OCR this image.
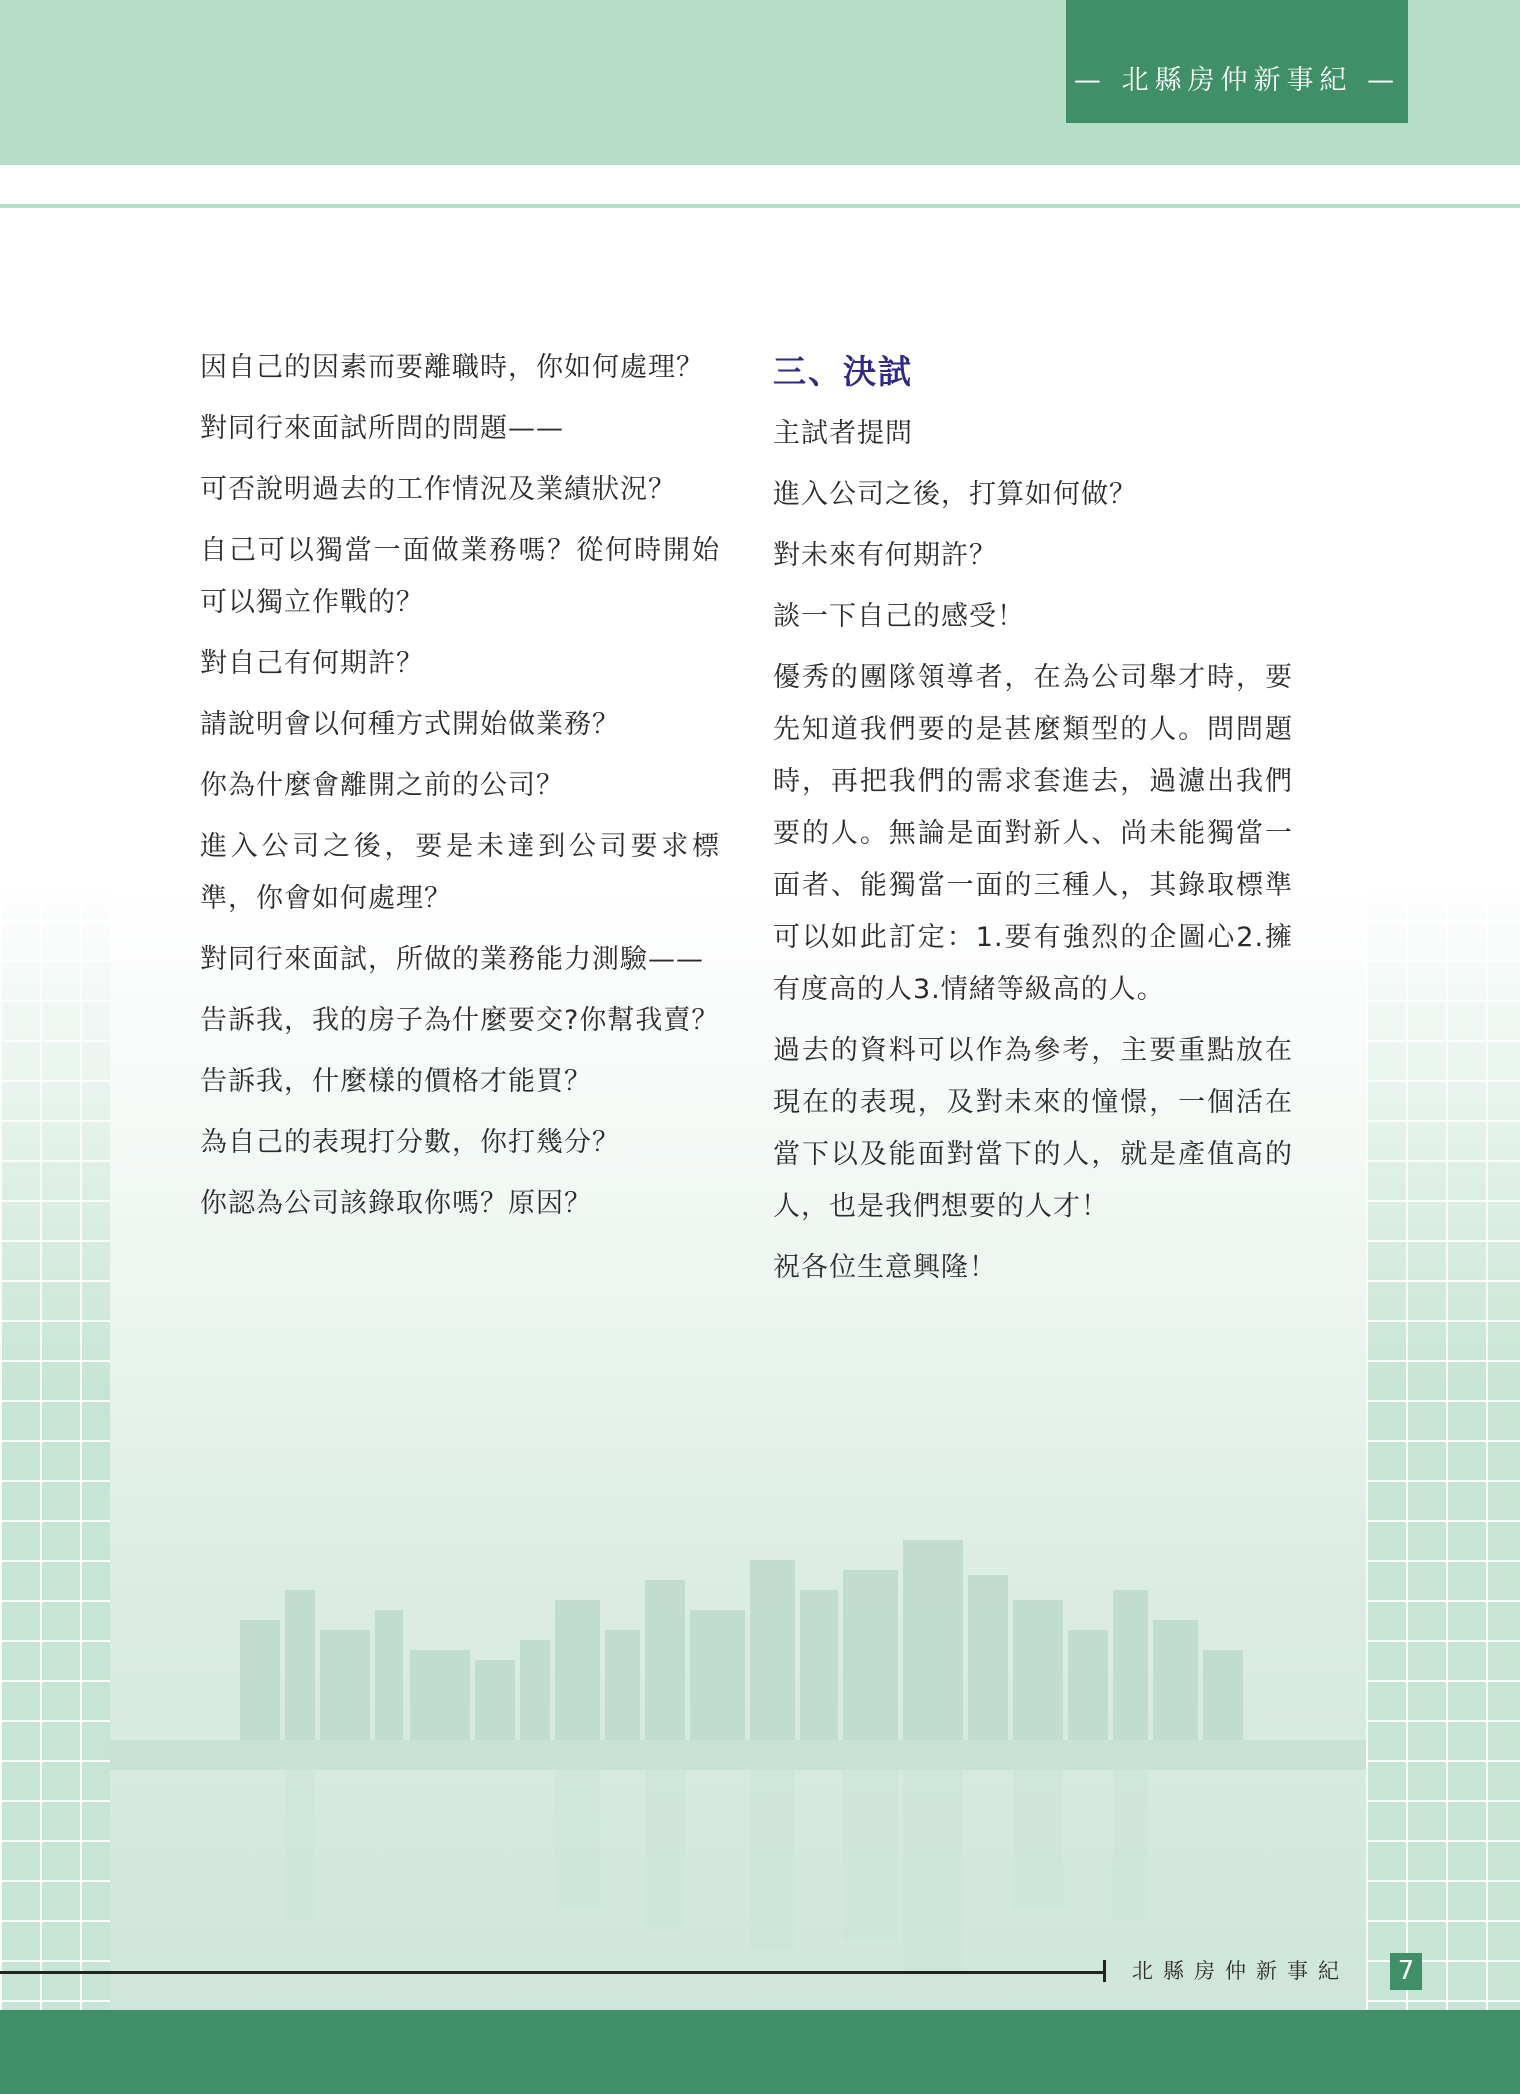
— 北縣房仲新事紀 —

因自己的因素而要離職時，你如何處理？

對同行來面試所問的問題——

可否說明過去的工作情況及業績狀況？

自己可以獨當一面做業務嗎？從何時開始可以獨立作戰的？

對自己有何期許？

請說明會以何種方式開始做業務？

你為什麼會離開之前的公司？

進入公司之後，要是未達到公司要求標準，你會如何處理？

對同行來面試，所做的業務能力測驗——

告訴我，我的房子為什麼要交?你幫我賣？

告訴我，什麼樣的價格才能買？

為自己的表現打分數，你打幾分？

你認為公司該錄取你嗎？原因？

三、決試

主試者提問

進入公司之後，打算如何做？

對未來有何期許？

談一下自己的感受！

優秀的團隊領導者，在為公司舉才時，要先知道我們要的是甚麼類型的人。問問題時，再把我們的需求套進去，過濾出我們要的人。無論是面對新人、尚未能獨當一面者、能獨當一面的三種人，其錄取標準可以如此訂定：1.要有強烈的企圖心2.擁有度高的人3.情緒等級高的人。

過去的資料可以作為參考，主要重點放在現在的表現，及對未來的憧憬，一個活在當下以及能面對當下的人，就是產值高的人，也是我們想要的人才！

祝各位生意興隆！

北縣房仲新事紀 7
